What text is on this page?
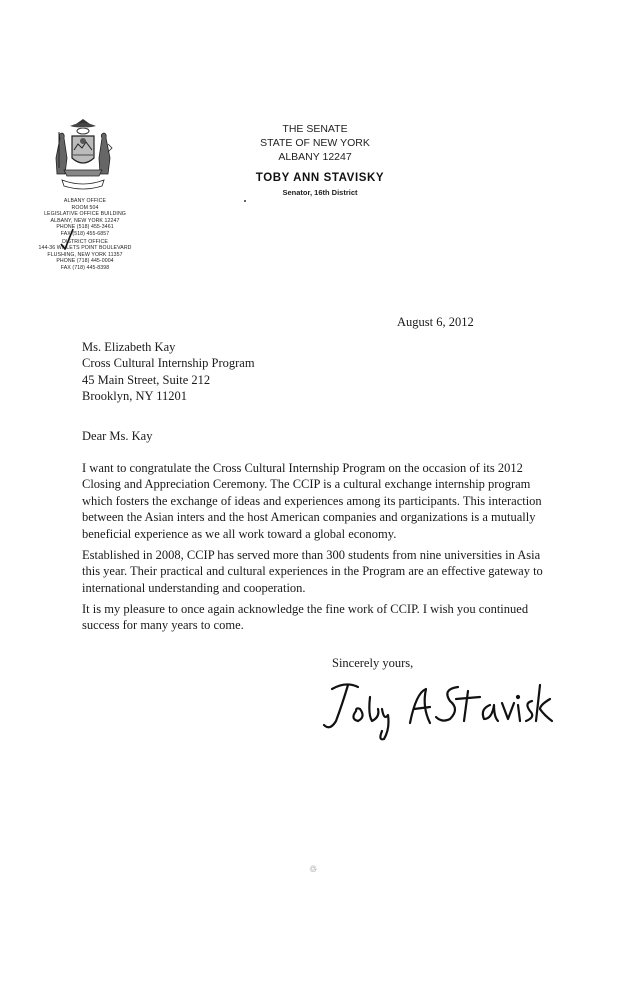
ALBANY OFFICE
ROOM 504
LEGISLATIVE OFFICE BUILDING
ALBANY, NEW YORK 12247
PHONE (518) 455-3461
FAX (518) 455-6857
DISTRICT OFFICE
144-36 WILLETS POINT BOULEVARD
FLUSHING, NEW YORK 11357
PHONE (718) 445-0004
FAX (718) 445-8398
THE SENATE
STATE OF NEW YORK
ALBANY 12247
TOBY ANN STAVISKY
Senator, 16th District
August 6, 2012
Ms. Elizabeth Kay
Cross Cultural Internship Program
45 Main Street, Suite 212
Brooklyn, NY 11201
Dear Ms. Kay
I want to congratulate the Cross Cultural Internship Program on the occasion of its 2012
Closing and Appreciation Ceremony. The CCIP is a cultural exchange internship program
which fosters the exchange of ideas and experiences among its participants. This interaction
between the Asian inters and the host American companies and organizations is a mutually
beneficial experience as we all work toward a global economy.
Established in 2008, CCIP has served more than 300 students from nine universities in Asia
this year. Their practical and cultural experiences in the Program are an effective gateway to
international understanding and cooperation.
It is my pleasure to once again acknowledge the fine work of CCIP. I wish you continued
success for many years to come.
Sincerely yours,
♲
